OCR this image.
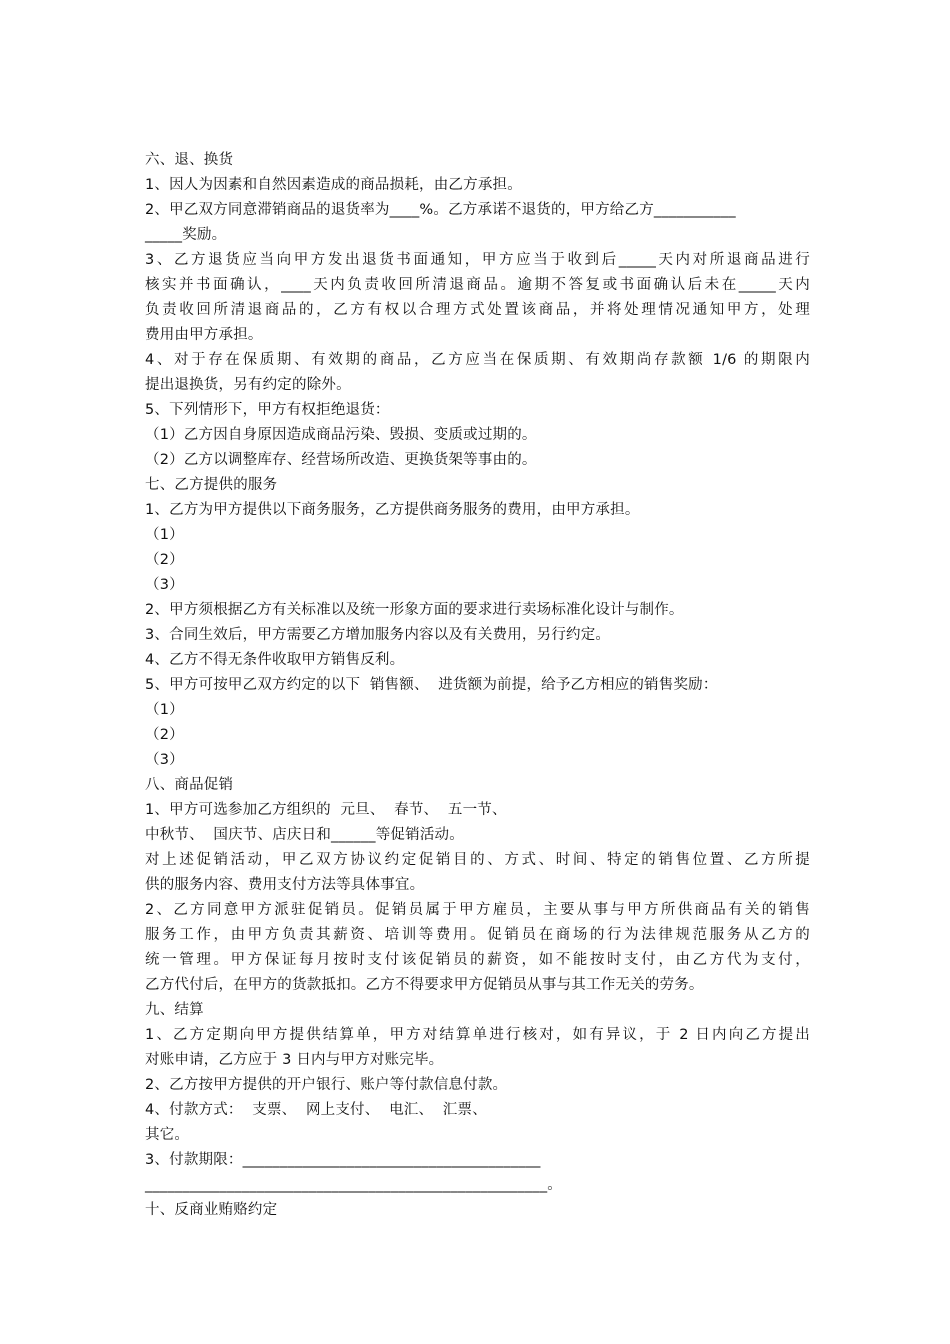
六、退、换货
1、因人为因素和自然因素造成的商品损耗，由乙方承担。
2、甲乙双方同意滞销商品的退货率为____%。乙方承诺不退货的，甲方给乙方___________
_____奖励。
3、乙方退货应当向甲方发出退货书面通知，甲方应当于收到后_____天内对所退商品进行
核实并书面确认，____天内负责收回所清退商品。逾期不答复或书面确认后未在_____天内
负责收回所清退商品的，乙方有权以合理方式处置该商品，并将处理情况通知甲方，处理
费用由甲方承担。
4、对于存在保质期、有效期的商品，乙方应当在保质期、有效期尚存款额 1/6 的期限内
提出退换货，另有约定的除外。
5、下列情形下，甲方有权拒绝退货：
（1）乙方因自身原因造成商品污染、毁损、变质或过期的。
（2）乙方以调整库存、经营场所改造、更换货架等事由的。
七、乙方提供的服务
1、乙方为甲方提供以下商务服务，乙方提供商务服务的费用，由甲方承担。
（1）
（2）
（3）
2、甲方须根据乙方有关标准以及统一形象方面的要求进行卖场标准化设计与制作。
3、合同生效后，甲方需要乙方增加服务内容以及有关费用，另行约定。
4、乙方不得无条件收取甲方销售反利。
5、甲方可按甲乙双方约定的以下  销售额、  进货额为前提，给予乙方相应的销售奖励：
（1）
（2）
（3）
八、商品促销
1、甲方可选参加乙方组织的  元旦、  春节、  五一节、
中秋节、  国庆节、店庆日和______等促销活动。
对上述促销活动，甲乙双方协议约定促销目的、方式、时间、特定的销售位置、乙方所提
供的服务内容、费用支付方法等具体事宜。
2、乙方同意甲方派驻促销员。促销员属于甲方雇员，主要从事与甲方所供商品有关的销售
服务工作，由甲方负责其薪资、培训等费用。促销员在商场的行为法律规范服务从乙方的
统一管理。甲方保证每月按时支付该促销员的薪资，如不能按时支付，由乙方代为支付，
乙方代付后，在甲方的货款抵扣。乙方不得要求甲方促销员从事与其工作无关的劳务。
九、结算
1、乙方定期向甲方提供结算单，甲方对结算单进行核对，如有异议，于 2 日内向乙方提出
对账申请，乙方应于 3 日内与甲方对账完毕。
2、乙方按甲方提供的开户银行、账户等付款信息付款。
4、付款方式：  支票、  网上支付、  电汇、  汇票、
其它。
3、付款期限：________________________________________
______________________________________________________。
十、反商业贿赂约定
